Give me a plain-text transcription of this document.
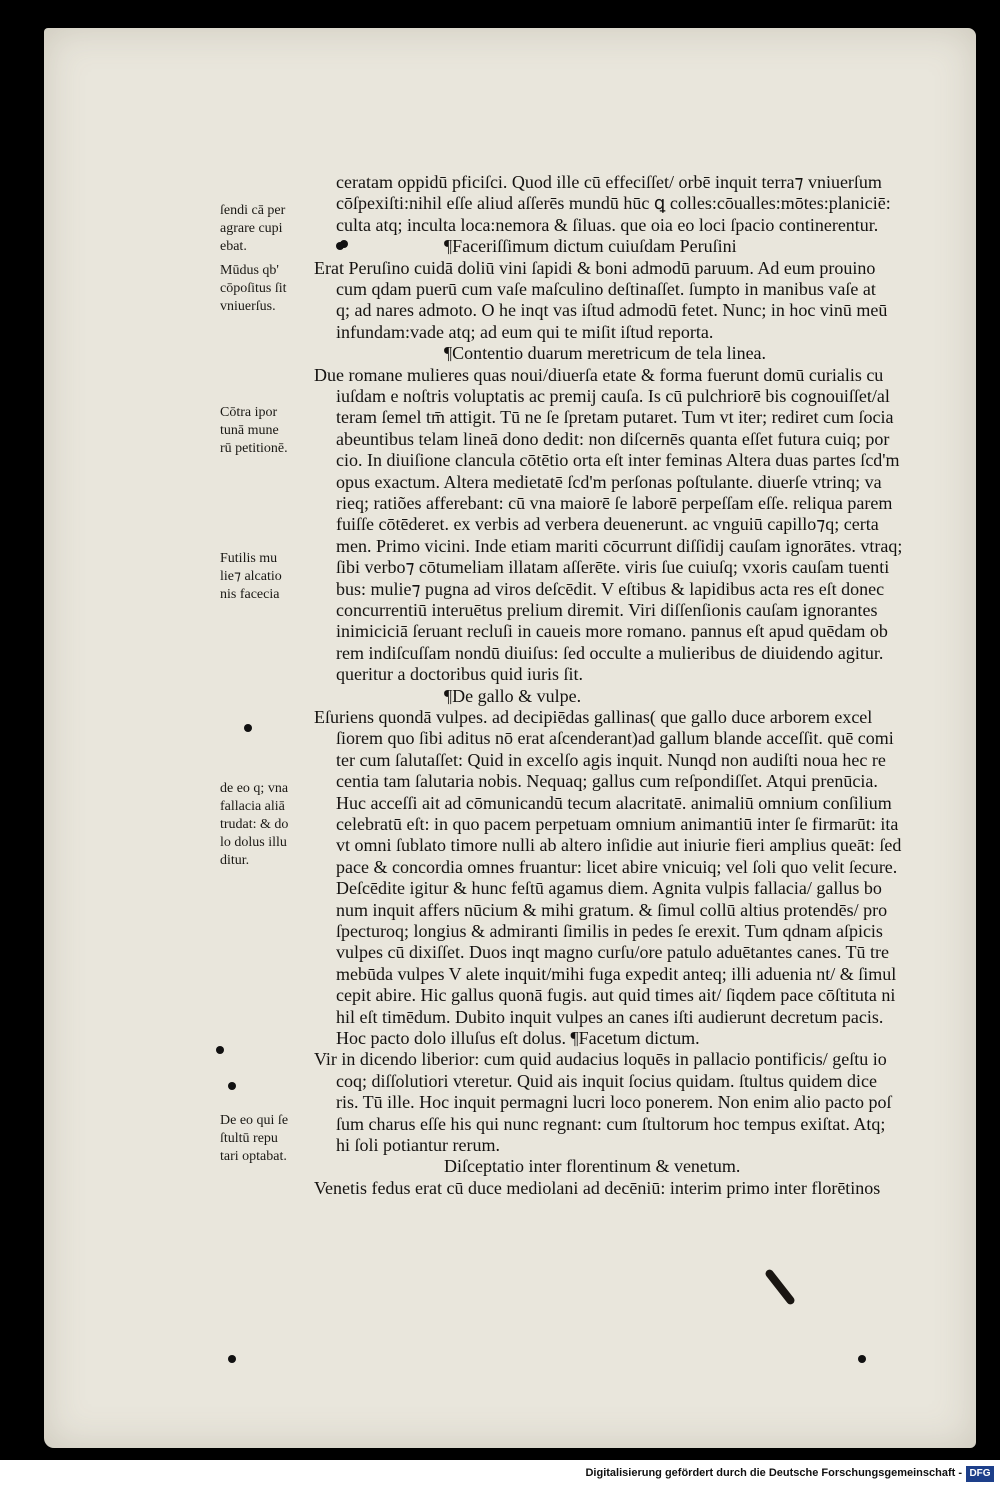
ceratam oppidū pficiſci. Quod ille cū effeciſſet/ orbē inquit terra⁊ vniuerſum
cōſpexiſti:nihil eſſe aliud aſſerēs mundū hūc ꝗ colles:cōualles:mōtes:planiciē:
culta atq; inculta loca:nemora & ſiluas. que oia eo loci ſpacio continerentur.
¶Faceriſſimum dictum cuiuſdam Peruſini
Erat Peruſino cuidā doliū vini ſapidi & boni admodū paruum. Ad eum prouino
cum qdam puerū cum vaſe maſculino deſtinaſſet. ſumpto in manibus vaſe at
q; ad nares admoto. O he inqt vas iſtud admodū fetet. Nunc; in hoc vinū meū
infundam:vade atq; ad eum qui te miſit iſtud reporta.
¶Contentio duarum meretricum de tela linea.
Due romane mulieres quas noui/diuerſa etate & forma fuerunt domū curialis cu
iuſdam e noſtris voluptatis ac premij cauſa. Is cū pulchriorē bis cognouiſſet/al
teram ſemel tm̄ attigit. Tū ne ſe ſpretam putaret. Tum vt iter; rediret cum ſocia
abeuntibus telam lineā dono dedit: non diſcernēs quanta eſſet futura cuiq; por
cio. In diuiſione clancula cōtētio orta eſt inter feminas Altera duas partes ſcd'm
opus exactum. Altera medietatē ſcd'm perſonas poſtulante. diuerſe vtrinq; va
rieq; ratiões afferebant: cū vna maiorē ſe laborē perpeſſam eſſe. reliqua parem
fuiſſe cōtēderet. ex verbis ad verbera deuenerunt. ac vnguiū capillo⁊q; certa
men. Primo vicini. Inde etiam mariti cōcurrunt diſſidij cauſam ignorātes. vtraq;
ſibi verbo⁊ cōtumeliam illatam aſſerēte. viris ſue cuiuſq; vxoris cauſam tuenti
bus: mulie⁊ pugna ad viros deſcēdit. V eſtibus & lapidibus acta res eſt donec
concurrentiū interuētus prelium diremit. Viri diſſenſionis cauſam ignorantes
inimiciciā ſeruant recluſi in caueis more romano. pannus eſt apud quēdam ob
rem indiſcuſſam nondū diuiſus: ſed occulte a mulieribus de diuidendo agitur.
queritur a doctoribus quid iuris ſit.
¶De gallo & vulpe.
Eſuriens quondā vulpes. ad decipiēdas gallinas( que gallo duce arborem excel
ſiorem quo ſibi aditus nō erat aſcenderant)ad gallum blande acceſſit. quē comi
ter cum ſalutaſſet: Quid in excelſo agis inquit. Nunqd non audiſti noua hec re
centia tam ſalutaria nobis. Nequaq; gallus cum reſpondiſſet. Atqui prenūcia.
Huc acceſſi ait ad cōmunicandū tecum alacritatē. animaliū omnium conſilium
celebratū eſt: in quo pacem perpetuam omnium animantiū inter ſe firmarūt: ita
vt omni ſublato timore nulli ab altero inſidie aut iniurie fieri amplius queāt: ſed
pace & concordia omnes fruantur: licet abire vnicuiq; vel ſoli quo velit ſecure.
Deſcēdite igitur & hunc feſtū agamus diem. Agnita vulpis fallacia/ gallus bo
num inquit affers nūcium & mihi gratum. & ſimul collū altius protendēs/ pro
ſpecturoq; longius & admiranti ſimilis in pedes ſe erexit. Tum qdnam aſpicis
vulpes cū dixiſſet. Duos inqt magno curſu/ore patulo aduētantes canes. Tū tre
mebūda vulpes V alete inquit/mihi fuga expedit anteq; illi aduenia nt/ & ſimul
cepit abire. Hic gallus quonā fugis. aut quid times ait/ ſiqdem pace cōſtituta ni
hil eſt timēdum. Dubito inquit vulpes an canes iſti audierunt decretum pacis.
Hoc pacto dolo illuſus eſt dolus. ¶Facetum dictum.
Vir in dicendo liberior: cum quid audacius loquēs in pallacio pontificis/ geſtu io
coq; diſſolutiori vteretur. Quid ais inquit ſocius quidam. ſtultus quidem dice
ris. Tū ille. Hoc inquit permagni lucri loco ponerem. Non enim alio pacto poſ
ſum charus eſſe his qui nunc regnant: cum ſtultorum hoc tempus exiſtat. Atq;
hi ſoli potiantur rerum.
Diſceptatio inter florentinum & venetum.
Venetis fedus erat cū duce mediolani ad decēniū: interim primo inter florētinos
ſendi cā per
agrare cupi
ebat.
Mūdus qb'
cōpoſitus ſit
vniuerſus.
Cōtra ipor
tunā mune
rū petitionē.
Futilis mu
lie⁊ alcatio
nis facecia
de eo q; vna
fallacia aliā
trudat: & do
lo dolus illu
ditur.
De eo qui ſe
ſtultū repu
tari optabat.
Digitalisierung gefördert durch die Deutsche Forschungsgemeinschaft - DFG
